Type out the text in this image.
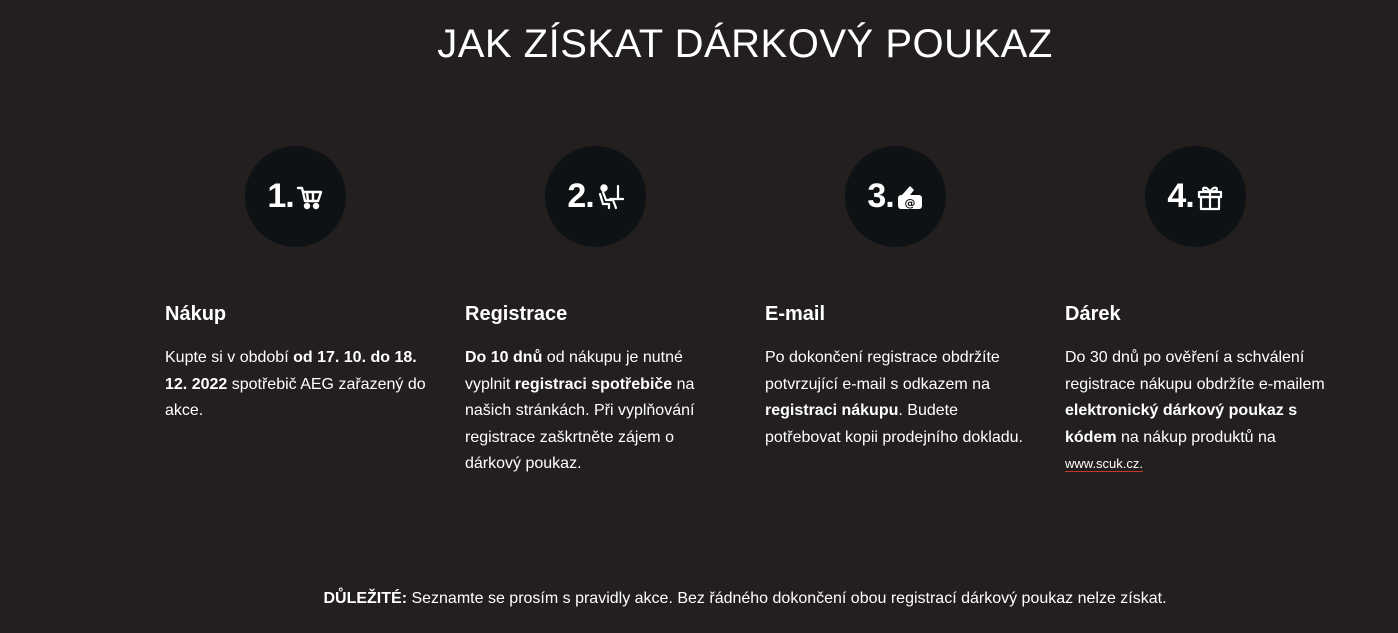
JAK ZÍSKAT DÁRKOVÝ POUKAZ
1.
Nákup

Kupte si v období od 17. 10. do 18. 12. 2022 spotřebič AEG zařazený do akce.

2.
Registrace

Do 10 dnů od nákupu je nutné vyplnit registraci spotřebiče na našich stránkách. Při vyplňování registrace zaškrtněte zájem o dárkový poukaz.

3. @
E-mail

Po dokončení registrace obdržíte potvrzující e-mail s odkazem na registraci nákupu. Budete potřebovat kopii prodejního dokladu.

4.
Dárek

Do 30 dnů po ověření a schválení registrace nákupu obdržíte e-mailem elektronický dárkový poukaz s kódem na nákup produktů na www.scuk.cz.

DŮLEŽITÉ: Seznamte se prosím s pravidly akce. Bez řádného dokončení obou registrací dárkový poukaz nelze získat.
